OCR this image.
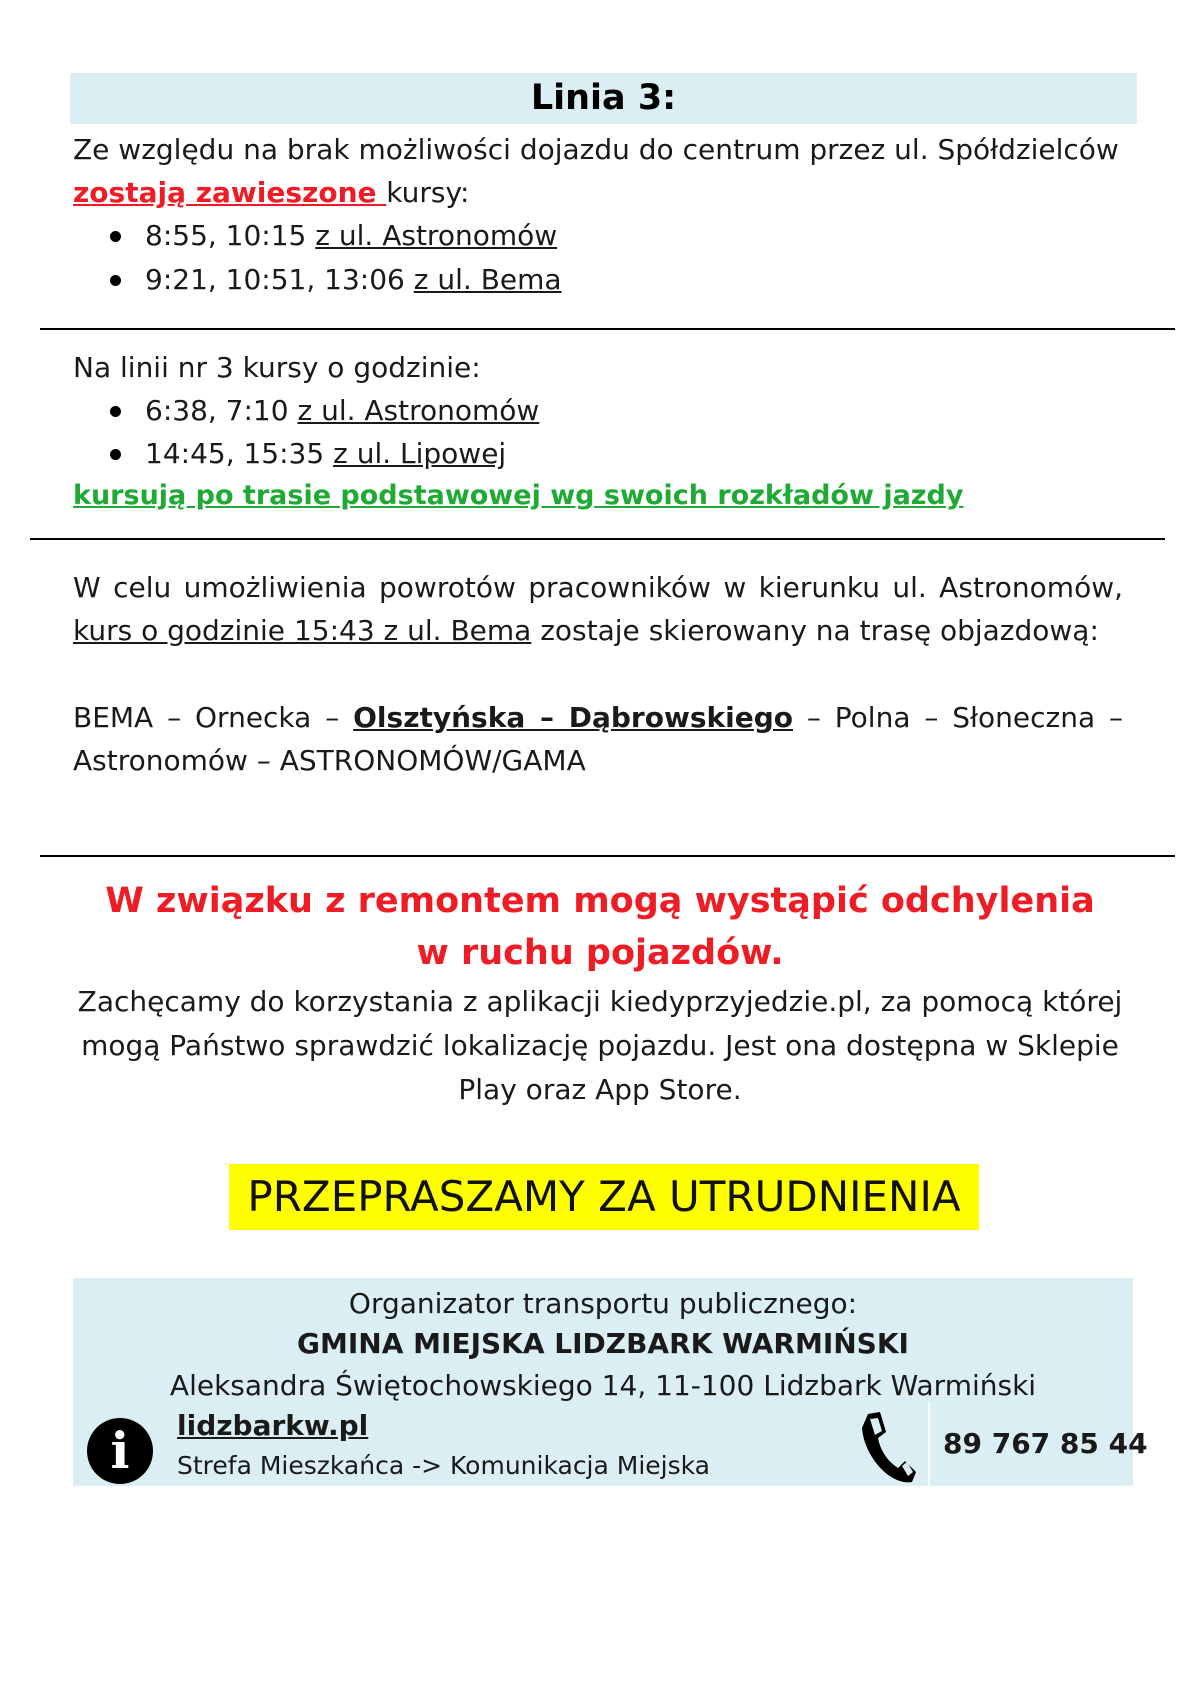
Linia 3:
Ze względu na brak możliwości dojazdu do centrum przez ul. Spółdzielców
zostają zawieszone kursy:
8:55, 10:15 z ul. Astronomów
9:21, 10:51, 13:06 z ul. Bema
Na linii nr 3 kursy o godzinie:
6:38, 7:10 z ul. Astronomów
14:45, 15:35 z ul. Lipowej
kursują po trasie podstawowej wg swoich rozkładów jazdy
W celu umożliwienia powrotów pracowników w kierunku ul. Astronomów,
kurs o godzinie 15:43 z ul. Bema zostaje skierowany na trasę objazdową:
BEMA – Ornecka – Olsztyńska – Dąbrowskiego – Polna – Słoneczna –
Astronomów – ASTRONOMÓW/GAMA
W związku z remontem mogą wystąpić odchylenia
w ruchu pojazdów.
Zachęcamy do korzystania z aplikacji kiedyprzyjedzie.pl, za pomocą której
mogą Państwo sprawdzić lokalizację pojazdu. Jest ona dostępna w Sklepie
Play oraz App Store.
PRZEPRASZAMY ZA UTRUDNIENIA
Organizator transportu publicznego:
GMINA MIEJSKA LIDZBARK WARMIŃSKI
Aleksandra Świętochowskiego 14, 11-100 Lidzbark Warmiński
i	lidzbarkw.pl
Strefa Mieszkańca -> Komunikacja Miejska
89 767 85 44
